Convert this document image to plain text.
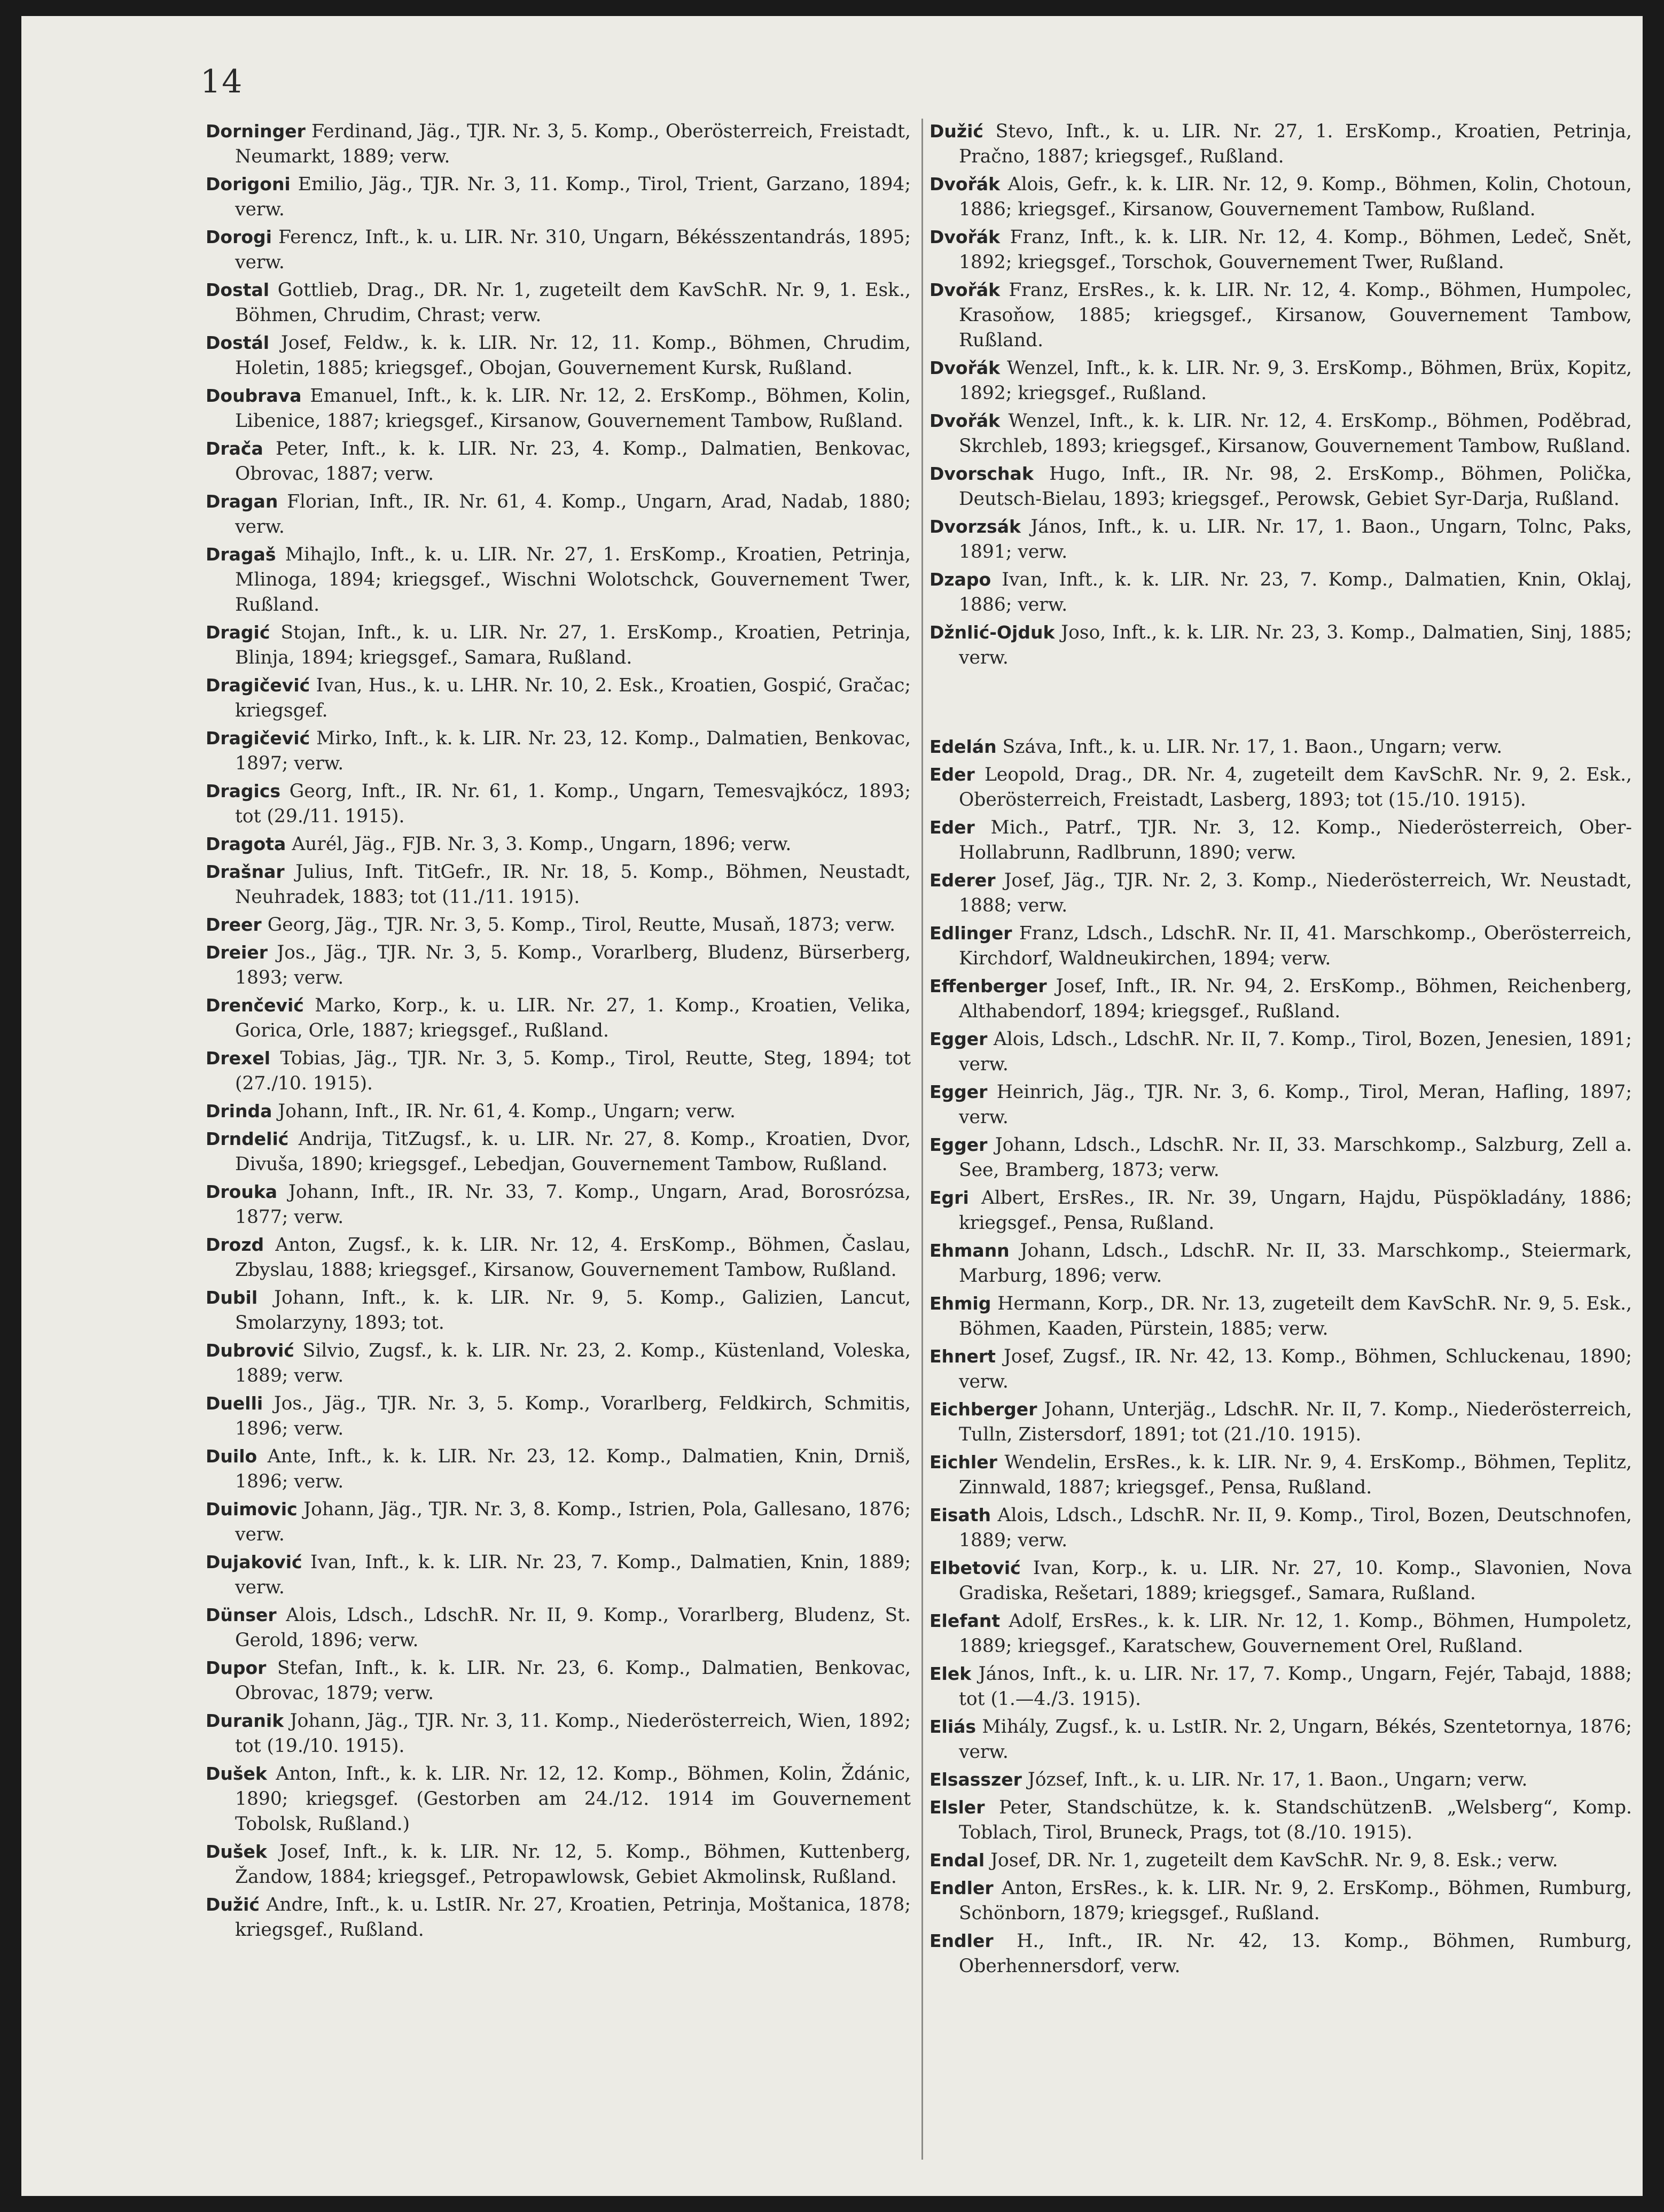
14

Dorninger Ferdinand, Jäg., TJR. Nr. 3, 5. Komp., Oberösterreich, Freistadt, Neumarkt, 1889; verw.

Dorigoni Emilio, Jäg., TJR. Nr. 3, 11. Komp., Tirol, Trient, Garzano, 1894; verw.

Dorogi Ferencz, Inft., k. u. LIR. Nr. 310, Ungarn, Békésszentandrás, 1895; verw.

Dostal Gottlieb, Drag., DR. Nr. 1, zugeteilt dem KavSchR. Nr. 9, 1. Esk., Böhmen, Chrudim, Chrast; verw.

Dostál Josef, Feldw., k. k. LIR. Nr. 12, 11. Komp., Böhmen, Chrudim, Holetin, 1885; kriegsgef., Obojan, Gouvernement Kursk, Rußland.

Doubrava Emanuel, Inft., k. k. LIR. Nr. 12, 2. ErsKomp., Böhmen, Kolin, Libenice, 1887; kriegsgef., Kirsanow, Gouvernement Tambow, Rußland.

Drača Peter, Inft., k. k. LIR. Nr. 23, 4. Komp., Dalmatien, Benkovac, Obrovac, 1887; verw.

Dragan Florian, Inft., IR. Nr. 61, 4. Komp., Ungarn, Arad, Nadab, 1880; verw.

Dragaš Mihajlo, Inft., k. u. LIR. Nr. 27, 1. ErsKomp., Kroatien, Petrinja, Mlinoga, 1894; kriegsgef., Wischni Wolotschck, Gouvernement Twer, Rußland.

Dragić Stojan, Inft., k. u. LIR. Nr. 27, 1. ErsKomp., Kroatien, Petrinja, Blinja, 1894; kriegsgef., Samara, Rußland.

Dragičević Ivan, Hus., k. u. LHR. Nr. 10, 2. Esk., Kroatien, Gospić, Gračac; kriegsgef.

Dragičević Mirko, Inft., k. k. LIR. Nr. 23, 12. Komp., Dalmatien, Benkovac, 1897; verw.

Dragics Georg, Inft., IR. Nr. 61, 1. Komp., Ungarn, Temesvajkócz, 1893; tot (29./11. 1915).

Dragota Aurél, Jäg., FJB. Nr. 3, 3. Komp., Ungarn, 1896; verw.

Drašnar Julius, Inft. TitGefr., IR. Nr. 18, 5. Komp., Böhmen, Neustadt, Neuhradek, 1883; tot (11./11. 1915).

Dreer Georg, Jäg., TJR. Nr. 3, 5. Komp., Tirol, Reutte, Musaň, 1873; verw.

Dreier Jos., Jäg., TJR. Nr. 3, 5. Komp., Vorarlberg, Bludenz, Bürserberg, 1893; verw.

Drenčević Marko, Korp., k. u. LIR. Nr. 27, 1. Komp., Kroatien, Velika, Gorica, Orle, 1887; kriegsgef., Rußland.

Drexel Tobias, Jäg., TJR. Nr. 3, 5. Komp., Tirol, Reutte, Steg, 1894; tot (27./10. 1915).

Drinda Johann, Inft., IR. Nr. 61, 4. Komp., Ungarn; verw.

Drndelić Andrija, TitZugsf., k. u. LIR. Nr. 27, 8. Komp., Kroatien, Dvor, Divuša, 1890; kriegsgef., Lebedjan, Gouvernement Tambow, Rußland.

Drouka Johann, Inft., IR. Nr. 33, 7. Komp., Ungarn, Arad, Borosrózsa, 1877; verw.

Drozd Anton, Zugsf., k. k. LIR. Nr. 12, 4. ErsKomp., Böhmen, Časlau, Zbyslau, 1888; kriegsgef., Kirsanow, Gouvernement Tambow, Rußland.

Dubil Johann, Inft., k. k. LIR. Nr. 9, 5. Komp., Galizien, Lancut, Smolarzyny, 1893; tot.

Dubrović Silvio, Zugsf., k. k. LIR. Nr. 23, 2. Komp., Küstenland, Voleska, 1889; verw.

Duelli Jos., Jäg., TJR. Nr. 3, 5. Komp., Vorarlberg, Feldkirch, Schmitis, 1896; verw.

Duilo Ante, Inft., k. k. LIR. Nr. 23, 12. Komp., Dalmatien, Knin, Drniš, 1896; verw.

Duimovic Johann, Jäg., TJR. Nr. 3, 8. Komp., Istrien, Pola, Gallesano, 1876; verw.

Dujaković Ivan, Inft., k. k. LIR. Nr. 23, 7. Komp., Dalmatien, Knin, 1889; verw.

Dünser Alois, Ldsch., LdschR. Nr. II, 9. Komp., Vorarlberg, Bludenz, St. Gerold, 1896; verw.

Dupor Stefan, Inft., k. k. LIR. Nr. 23, 6. Komp., Dalmatien, Benkovac, Obrovac, 1879; verw.

Duranik Johann, Jäg., TJR. Nr. 3, 11. Komp., Niederösterreich, Wien, 1892; tot (19./10. 1915).

Dušek Anton, Inft., k. k. LIR. Nr. 12, 12. Komp., Böhmen, Kolin, Ždánic, 1890; kriegsgef. (Gestorben am 24./12. 1914 im Gouvernement Tobolsk, Rußland.)

Dušek Josef, Inft., k. k. LIR. Nr. 12, 5. Komp., Böhmen, Kuttenberg, Žandow, 1884; kriegsgef., Petropawlowsk, Gebiet Akmolinsk, Rußland.

Dužić Andre, Inft., k. u. LstIR. Nr. 27, Kroatien, Petrinja, Moštanica, 1878; kriegsgef., Rußland.

Dužić Stevo, Inft., k. u. LIR. Nr. 27, 1. ErsKomp., Kroatien, Petrinja, Pračno, 1887; kriegsgef., Rußland.

Dvořák Alois, Gefr., k. k. LIR. Nr. 12, 9. Komp., Böhmen, Kolin, Chotoun, 1886; kriegsgef., Kirsanow, Gouvernement Tambow, Rußland.

Dvořák Franz, Inft., k. k. LIR. Nr. 12, 4. Komp., Böhmen, Ledeč, Snět, 1892; kriegsgef., Torschok, Gouvernement Twer, Rußland.

Dvořák Franz, ErsRes., k. k. LIR. Nr. 12, 4. Komp., Böhmen, Humpolec, Krasoňow, 1885; kriegsgef., Kirsanow, Gouvernement Tambow, Rußland.

Dvořák Wenzel, Inft., k. k. LIR. Nr. 9, 3. ErsKomp., Böhmen, Brüx, Kopitz, 1892; kriegsgef., Rußland.

Dvořák Wenzel, Inft., k. k. LIR. Nr. 12, 4. ErsKomp., Böhmen, Poděbrad, Skrchleb, 1893; kriegsgef., Kirsanow, Gouvernement Tambow, Rußland.

Dvorschak Hugo, Inft., IR. Nr. 98, 2. ErsKomp., Böhmen, Polička, Deutsch-Bielau, 1893; kriegsgef., Perowsk, Gebiet Syr-Darja, Rußland.

Dvorzsák János, Inft., k. u. LIR. Nr. 17, 1. Baon., Ungarn, Tolnc, Paks, 1891; verw.

Dzapo Ivan, Inft., k. k. LIR. Nr. 23, 7. Komp., Dalmatien, Knin, Oklaj, 1886; verw.

Džnlić-Ojduk Joso, Inft., k. k. LIR. Nr. 23, 3. Komp., Dalmatien, Sinj, 1885; verw.

Edelán Száva, Inft., k. u. LIR. Nr. 17, 1. Baon., Ungarn; verw.

Eder Leopold, Drag., DR. Nr. 4, zugeteilt dem KavSchR. Nr. 9, 2. Esk., Oberösterreich, Freistadt, Lasberg, 1893; tot (15./10. 1915).

Eder Mich., Patrf., TJR. Nr. 3, 12. Komp., Niederösterreich, Ober-Hollabrunn, Radlbrunn, 1890; verw.

Ederer Josef, Jäg., TJR. Nr. 2, 3. Komp., Niederösterreich, Wr. Neustadt, 1888; verw.

Edlinger Franz, Ldsch., LdschR. Nr. II, 41. Marschkomp., Oberösterreich, Kirchdorf, Waldneukirchen, 1894; verw.

Effenberger Josef, Inft., IR. Nr. 94, 2. ErsKomp., Böhmen, Reichenberg, Althabendorf, 1894; kriegsgef., Rußland.

Egger Alois, Ldsch., LdschR. Nr. II, 7. Komp., Tirol, Bozen, Jenesien, 1891; verw.

Egger Heinrich, Jäg., TJR. Nr. 3, 6. Komp., Tirol, Meran, Hafling, 1897; verw.

Egger Johann, Ldsch., LdschR. Nr. II, 33. Marschkomp., Salzburg, Zell a. See, Bramberg, 1873; verw.

Egri Albert, ErsRes., IR. Nr. 39, Ungarn, Hajdu, Püspökladány, 1886; kriegsgef., Pensa, Rußland.

Ehmann Johann, Ldsch., LdschR. Nr. II, 33. Marschkomp., Steiermark, Marburg, 1896; verw.

Ehmig Hermann, Korp., DR. Nr. 13, zugeteilt dem KavSchR. Nr. 9, 5. Esk., Böhmen, Kaaden, Pürstein, 1885; verw.

Ehnert Josef, Zugsf., IR. Nr. 42, 13. Komp., Böhmen, Schluckenau, 1890; verw.

Eichberger Johann, Unterjäg., LdschR. Nr. II, 7. Komp., Niederösterreich, Tulln, Zistersdorf, 1891; tot (21./10. 1915).

Eichler Wendelin, ErsRes., k. k. LIR. Nr. 9, 4. ErsKomp., Böhmen, Teplitz, Zinnwald, 1887; kriegsgef., Pensa, Rußland.

Eisath Alois, Ldsch., LdschR. Nr. II, 9. Komp., Tirol, Bozen, Deutschnofen, 1889; verw.

Elbetović Ivan, Korp., k. u. LIR. Nr. 27, 10. Komp., Slavonien, Nova Gradiska, Rešetari, 1889; kriegsgef., Samara, Rußland.

Elefant Adolf, ErsRes., k. k. LIR. Nr. 12, 1. Komp., Böhmen, Humpoletz, 1889; kriegsgef., Karatschew, Gouvernement Orel, Rußland.

Elek János, Inft., k. u. LIR. Nr. 17, 7. Komp., Ungarn, Fejér, Tabajd, 1888; tot (1.—4./3. 1915).

Eliás Mihály, Zugsf., k. u. LstIR. Nr. 2, Ungarn, Békés, Szentetornya, 1876; verw.

Elsasszer József, Inft., k. u. LIR. Nr. 17, 1. Baon., Ungarn; verw.

Elsler Peter, Standschütze, k. k. StandschützenB. „Welsberg“, Komp. Toblach, Tirol, Bruneck, Prags, tot (8./10. 1915).

Endal Josef, DR. Nr. 1, zugeteilt dem KavSchR. Nr. 9, 8. Esk.; verw.

Endler Anton, ErsRes., k. k. LIR. Nr. 9, 2. ErsKomp., Böhmen, Rumburg, Schönborn, 1879; kriegsgef., Rußland.

Endler H., Inft., IR. Nr. 42, 13. Komp., Böhmen, Rumburg, Oberhennersdorf, verw.
